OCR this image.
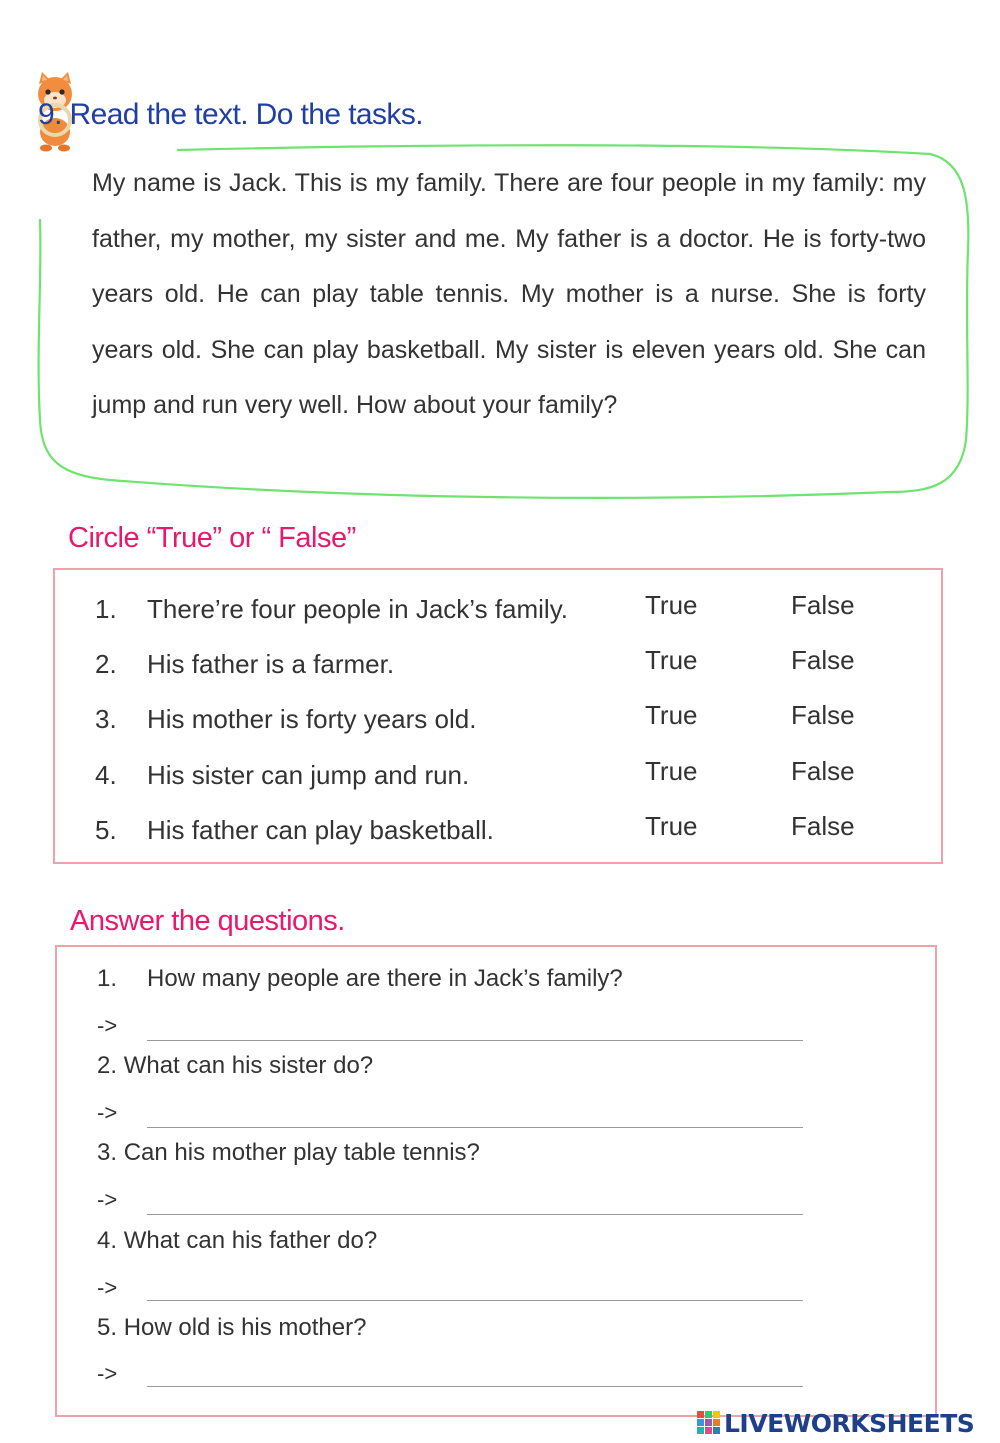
9. Read the text. Do the tasks.

My name is Jack. This is my family. There are four people in my family: my father, my mother, my sister and me. My father is a doctor. He is forty-two years old. He can play table tennis. My mother is a nurse. She is forty years old. She can play basketball. My sister is eleven years old. She can jump and run very well. How about your family?

Circle “True” or “ False”
1. There’re four people in Jack’s family.	True	False
2. His father is a farmer.	True	False
3. His mother is forty years old.	True	False
4. His sister can jump and run.	True	False
5. His father can play basketball.	True	False
Answer the questions.
1. How many people are there in Jack’s family?
->
2. What can his sister do?
->
3. Can his mother play table tennis?
->
4. What can his father do?
->
5. How old is his mother?
->
LIVEWORKSHEETS
